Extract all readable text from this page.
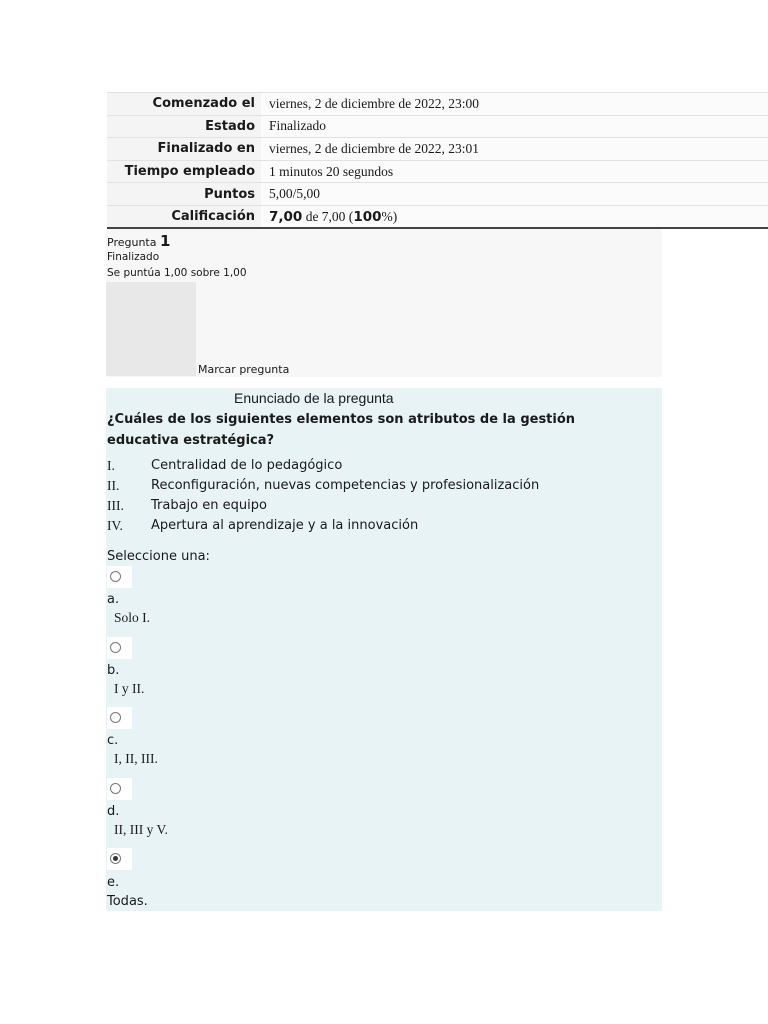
Comenzado el	viernes, 2 de diciembre de 2022, 23:00
Estado	Finalizado
Finalizado en	viernes, 2 de diciembre de 2022, 23:01
Tiempo empleado	1 minutos 20 segundos
Puntos	5,00/5,00
Calificación	7,00 de 7,00 (100%)
Pregunta 1
Finalizado
Se puntúa 1,00 sobre 1,00
Marcar pregunta
Enunciado de la pregunta
¿Cuáles de los siguientes elementos son atributos de la gestión educativa estratégica?
I.	Centralidad de lo pedagógico
II. Reconfiguración, nuevas competencias y profesionalización
III. Trabajo en equipo
IV. Apertura al aprendizaje y a la innovación
Seleccione una:
a.
Solo I.
b.
I y II.
c.
I, II, III.
d.
II, III y V.
e.
Todas.
